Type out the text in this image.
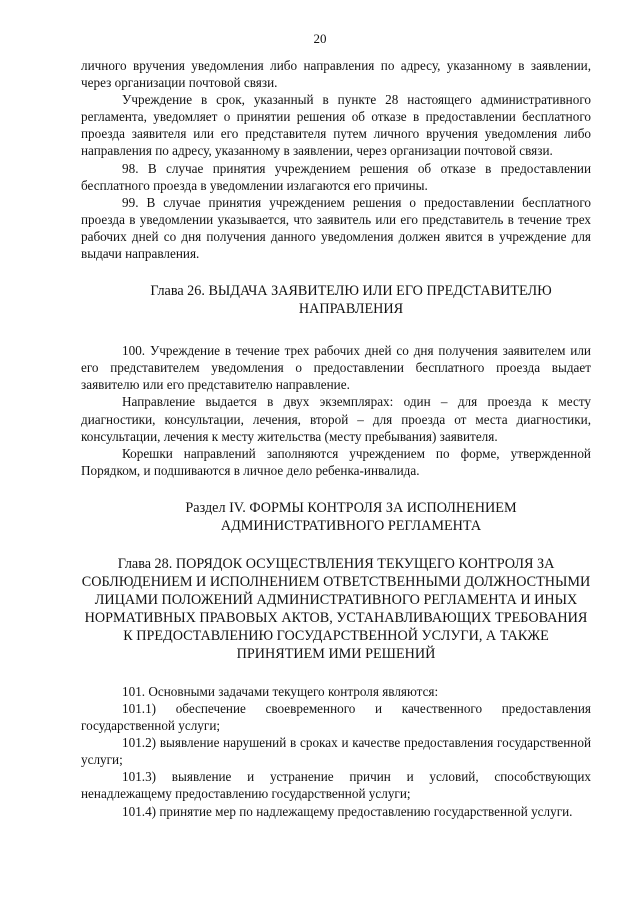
20

личного вручения уведомления либо направления по адресу, указанному в заявлении, через организации почтовой связи.

Учреждение в срок, указанный в пункте 28 настоящего административного регламента, уведомляет о принятии решения об отказе в предоставлении бесплатного проезда заявителя или его представителя путем личного вручения уведомления либо направления по адресу, указанному в заявлении, через организации почтовой связи.

98. В случае принятия учреждением решения об отказе в предоставлении бесплатного проезда в уведомлении излагаются его причины.

99. В случае принятия учреждением решения о предоставлении бесплатного проезда в уведомлении указывается, что заявитель или его представитель в течение трех рабочих дней со дня получения данного уведомления должен явится в учреждение для выдачи направления.

Глава 26. ВЫДАЧА ЗАЯВИТЕЛЮ ИЛИ ЕГО ПРЕДСТАВИТЕЛЮ НАПРАВЛЕНИЯ

100. Учреждение в течение трех рабочих дней со дня получения заявителем или его представителем уведомления о предоставлении бесплатного проезда выдает заявителю или его представителю направление.

Направление выдается в двух экземплярах: один – для проезда к месту диагностики, консультации, лечения, второй – для проезда от места диагностики, консультации, лечения к месту жительства (месту пребывания) заявителя.

Корешки направлений заполняются учреждением по форме, утвержденной Порядком, и подшиваются в личное дело ребенка-инвалида.

Раздел IV. ФОРМЫ КОНТРОЛЯ ЗА ИСПОЛНЕНИЕМ АДМИНИСТРАТИВНОГО РЕГЛАМЕНТА
Глава 28. ПОРЯДОК ОСУЩЕСТВЛЕНИЯ ТЕКУЩЕГО КОНТРОЛЯ ЗА СОБЛЮДЕНИЕМ И ИСПОЛНЕНИЕМ ОТВЕТСТВЕННЫМИ ДОЛЖНОСТНЫМИ ЛИЦАМИ ПОЛОЖЕНИЙ АДМИНИСТРАТИВНОГО РЕГЛАМЕНТА И ИНЫХ НОРМАТИВНЫХ ПРАВОВЫХ АКТОВ, УСТАНАВЛИВАЮЩИХ ТРЕБОВАНИЯ К ПРЕДОСТАВЛЕНИЮ ГОСУДАРСТВЕННОЙ УСЛУГИ, А ТАКЖЕ ПРИНЯТИЕМ ИМИ РЕШЕНИЙ

101. Основными задачами текущего контроля являются:

101.1) обеспечение своевременного и качественного предоставления государственной услуги;

101.2) выявление нарушений в сроках и качестве предоставления государственной услуги;

101.3) выявление и устранение причин и условий, способствующих ненадлежащему предоставлению государственной услуги;

101.4) принятие мер по надлежащему предоставлению государственной услуги.
